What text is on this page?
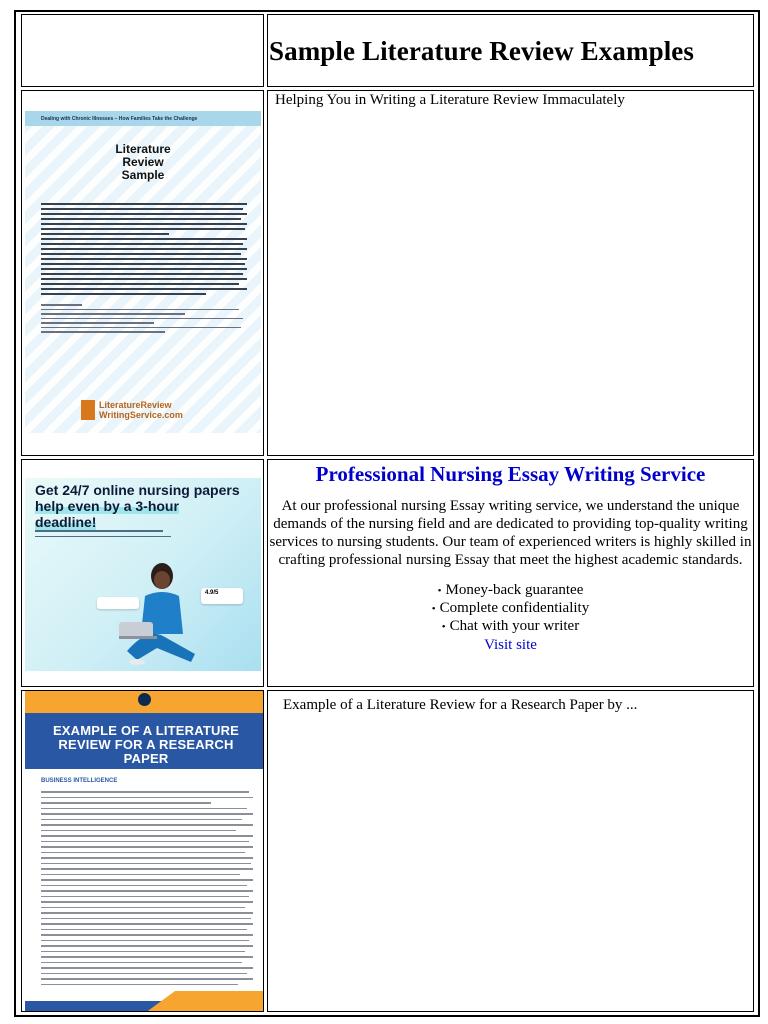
Sample Literature Review Examples
Dealing with Chronic Illnesses – How Families Take the Challenge
Literature
Review
Sample
LiteratureReview
WritingService.com
Helping You in Writing a Literature Review Immaculately
Get 24/7 online nursing papers
help even by a 3-hour
deadline!
4.9/5
Professional Nursing Essay Writing Service

At our professional nursing Essay writing service, we understand the unique demands of the nursing field and are dedicated to providing top-quality writing services to nursing students. Our team of experienced writers is highly skilled in crafting professional nursing Essay that meet the highest academic standards.

• Money-back guarantee
• Complete confidentiality
• Chat with your writer
Visit site
EXAMPLE OF A LITERATURE
REVIEW FOR A RESEARCH
PAPER
BUSINESS INTELLIGENCE
Example of a Literature Review for a Research Paper by ...
